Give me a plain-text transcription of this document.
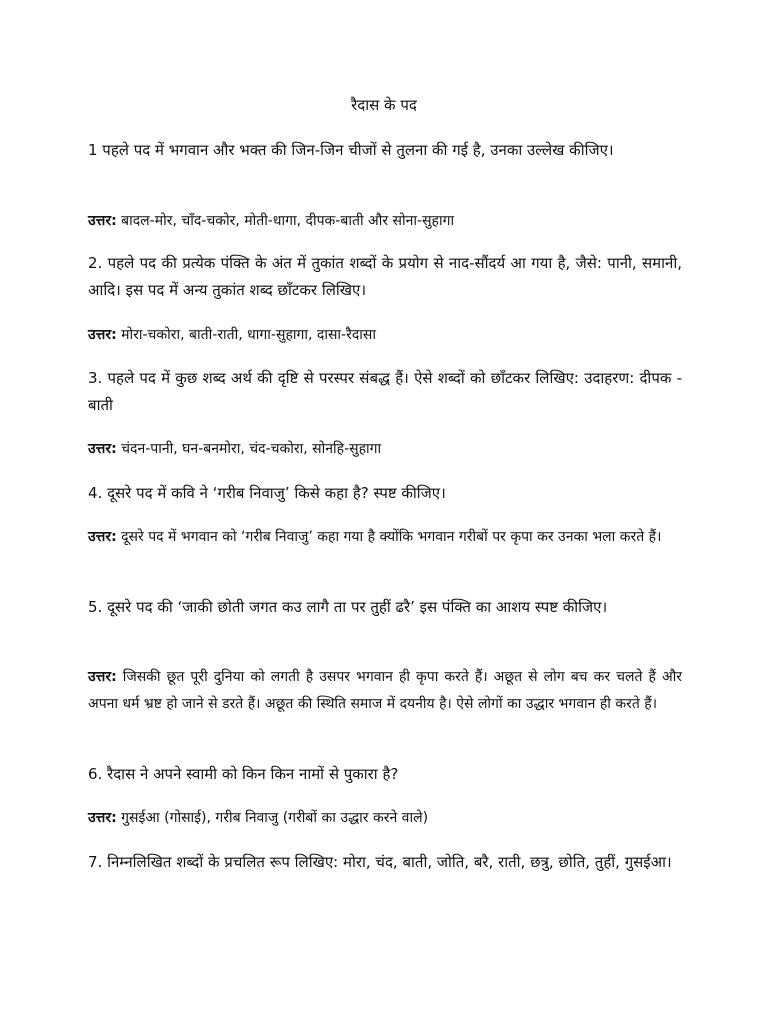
रैदास के पद
1 पहले पद में भगवान और भक्त की जिन-जिन चीजों से तुलना की गई है, उनका उल्लेख कीजिए।
उत्तर: बादल-मोर, चाँद-चकोर, मोती-धागा, दीपक-बाती और सोना-सुहागा
2. पहले पद की प्रत्येक पंक्ति के अंत में तुकांत शब्दों के प्रयोग से नाद-सौंदर्य आ गया है, जैसे: पानी, समानी, आदि। इस पद में अन्य तुकांत शब्द छाँटकर लिखिए।
उत्तर: मोरा-चकोरा, बाती-राती, धागा-सुहागा, दासा-रैदासा
3. पहले पद में कुछ शब्द अर्थ की दृष्टि से परस्पर संबद्ध हैं। ऐसे शब्दों को छाँटकर लिखिए: उदाहरण: दीपक - बाती
उत्तर: चंदन-पानी, घन-बनमोरा, चंद-चकोरा, सोनहि-सुहागा
4. दूसरे पद में कवि ने ‘गरीब निवाजु’ किसे कहा है? स्पष्ट कीजिए।
उत्तर: दूसरे पद में भगवान को ‘गरीब निवाजु’ कहा गया है क्योंकि भगवान गरीबों पर कृपा कर उनका भला करते हैं।
5. दूसरे पद की ‘जाकी छोती जगत कउ लागै ता पर तुहीं ढरै’ इस पंक्ति का आशय स्पष्ट कीजिए।
उत्तर: जिसकी छूत पूरी दुनिया को लगती है उसपर भगवान ही कृपा करते हैं। अछूत से लोग बच कर चलते हैं और अपना धर्म भ्रष्ट हो जाने से डरते हैं। अछूत की स्थिति समाज में दयनीय है। ऐसे लोगों का उद्धार भगवान ही करते हैं।
6. रैदास ने अपने स्वामी को किन किन नामों से पुकारा है?
उत्तर: गुसईआ (गोसाई), गरीब निवाजु (गरीबों का उद्धार करने वाले)
7. निम्नलिखित शब्दों के प्रचलित रूप लिखिए: मोरा, चंद, बाती, जोति, बरै, राती, छत्रु, छोति, तुहीं, गुसईआ।
